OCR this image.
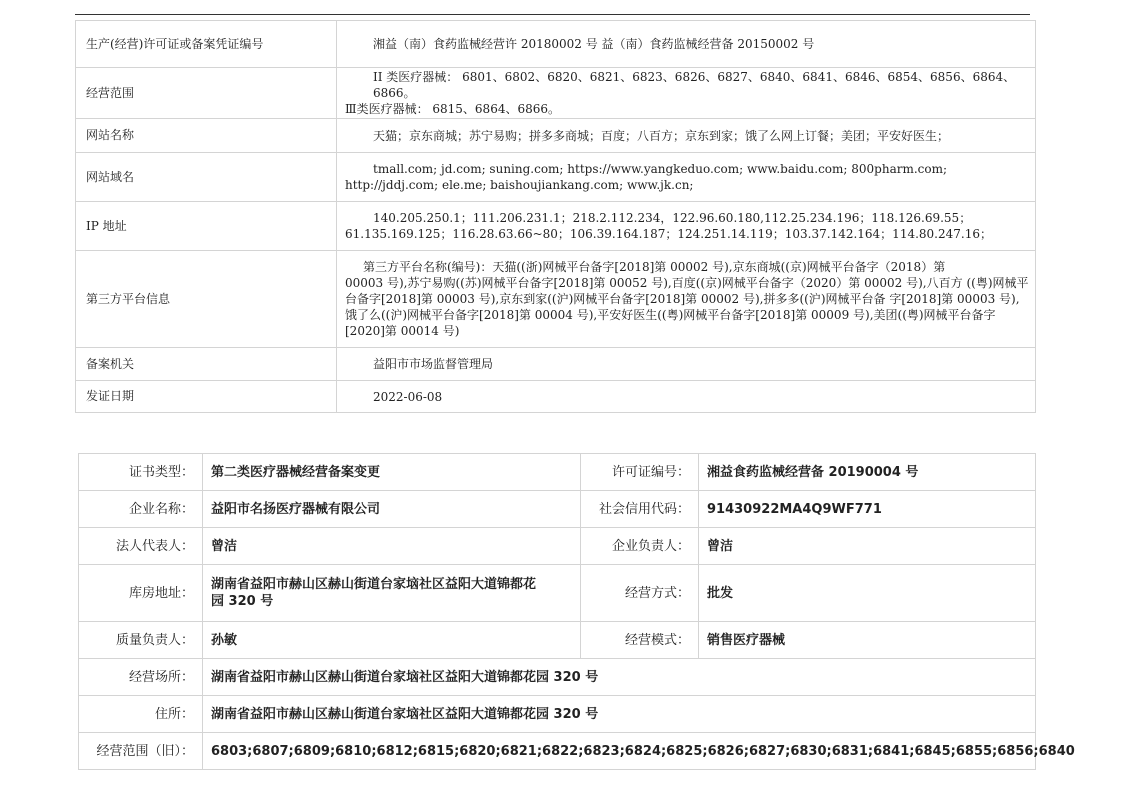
生产(经营)许可证或备案凭证编号	湘益（南）食药监械经营许 20180002 号 益（南）食药监械经营备 20150002 号

经营范围	II 类医疗器械： 6801、6802、6820、6821、6823、6826、6827、6840、6841、6846、6854、6856、6864、6866。
Ⅲ类医疗器械： 6815、6864、6866。
网站名称	天猫；京东商城；苏宁易购；拼多多商城；百度；八百方；京东到家；饿了么网上订餐；美团；平安好医生；

网站域名	tmall.com; jd.com; suning.com; https://www.yangkeduo.com; www.baidu.com; 800pharm.com;
http://jddj.com; ele.me; baishoujiankang.com; www.jk.cn;
IP 地址	140.205.250.1；111.206.231.1；218.2.112.234，122.96.60.180,112.25.234.196；118.126.69.55；
61.135.169.125；116.28.63.66~80；106.39.164.187；124.251.14.119；103.37.142.164；114.80.247.16；
第三方平台信息	第三方平台名称(编号)：天猫((浙)网械平台备字[2018]第 00002 号),京东商城((京)网械平台备字（2018）第
00003 号),苏宁易购((苏)网械平台备字[2018]第 00052 号),百度((京)网械平台备字（2020）第 00002 号),八百方 ((粤)网械平台备字[2018]第 00003 号),京东到家((沪)网械平台备字[2018]第 00002 号),拼多多((沪)网械平台备 字[2018]第 00003 号),饿了么((沪)网械平台备字[2018]第 00004 号),平安好医生((粤)网械平台备字[2018]第 00009 号),美团((粤)网械平台备字[2020]第 00014 号)
备案机关	益阳市市场监督管理局

发证日期	2022-06-08
证书类型：	第二类医疗器械经营备案变更	许可证编号：	湘益食药监械经营备 20190004 号
企业名称：	益阳市名扬医疗器械有限公司	社会信用代码：	91430922MA4Q9WF771
法人代表人：	曾洁	企业负责人：	曾洁
库房地址：	湖南省益阳市赫山区赫山街道台家垴社区益阳大道锦都花
园 320 号	经营方式：	批发
质量负责人：	孙敏	经营模式：	销售医疗器械
经营场所：	湖南省益阳市赫山区赫山街道台家垴社区益阳大道锦都花园 320 号		
住所：	湖南省益阳市赫山区赫山街道台家垴社区益阳大道锦都花园 320 号		
经营范围（旧）：	6803;6807;6809;6810;6812;6815;6820;6821;6822;6823;6824;6825;6826;6827;6830;6831;6841;6845;6855;6856;6840		
